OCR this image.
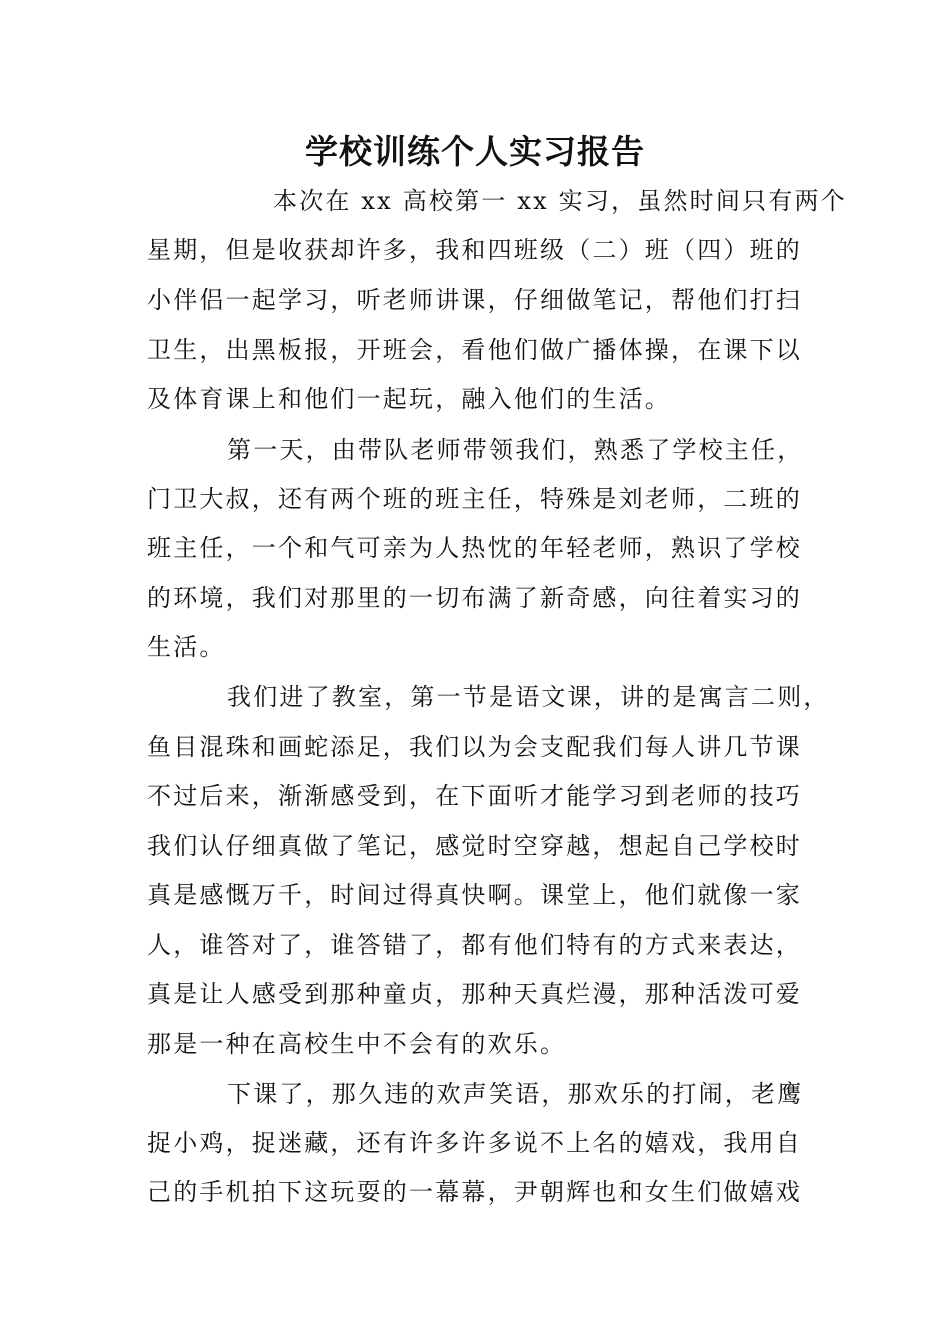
学校训练个人实习报告

本次在 xx 高校第一 xx 实习，虽然时间只有两个

星期，但是收获却许多，我和四班级（二）班（四）班的

小伴侣一起学习，听老师讲课，仔细做笔记，帮他们打扫

卫生，出黑板报，开班会，看他们做广播体操，在课下以

及体育课上和他们一起玩，融入他们的生活。

第一天，由带队老师带领我们，熟悉了学校主任，

门卫大叔，还有两个班的班主任，特殊是刘老师，二班的

班主任，一个和气可亲为人热忱的年轻老师，熟识了学校

的环境，我们对那里的一切布满了新奇感，向往着实习的

生活。

我们进了教室，第一节是语文课，讲的是寓言二则，

鱼目混珠和画蛇添足，我们以为会支配我们每人讲几节课

不过后来，渐渐感受到，在下面听才能学习到老师的技巧

我们认仔细真做了笔记，感觉时空穿越，想起自己学校时

真是感慨万千，时间过得真快啊。课堂上，他们就像一家

人，谁答对了，谁答错了，都有他们特有的方式来表达，

真是让人感受到那种童贞，那种天真烂漫，那种活泼可爱

那是一种在高校生中不会有的欢乐。

下课了，那久违的欢声笑语，那欢乐的打闹，老鹰

捉小鸡，捉迷藏，还有许多许多说不上名的嬉戏，我用自

己的手机拍下这玩耍的一幕幕，尹朝辉也和女生们做嬉戏
